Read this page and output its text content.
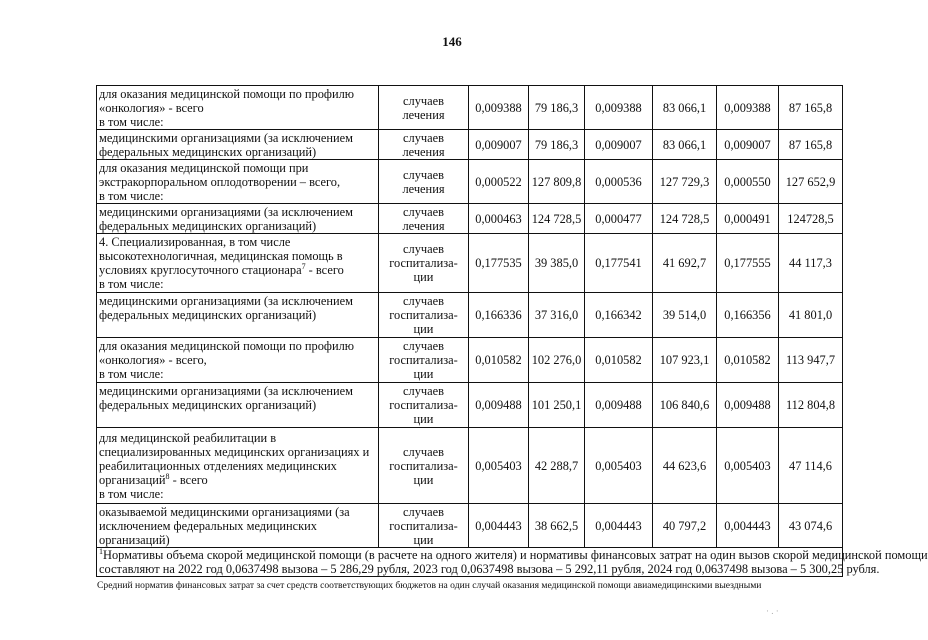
146
для оказания медицинской помощи по профилю
«онкология» - всего
в том числе:	случаев
лечения	0,009388	79 186,3	0,009388	83 066,1	0,009388	87 165,8

медицинскими организациями (за исключением
федеральных медицинских организаций)	случаев
лечения	0,009007	79 186,3	0,009007	83 066,1	0,009007	87 165,8

для оказания медицинской помощи при
экстракорпоральном оплодотворении – всего,
в том числе:	случаев
лечения	0,000522	127 809,8	0,000536	127 729,3	0,000550	127 652,9

медицинскими организациями (за исключением
федеральных медицинских организаций)	случаев
лечения	0,000463	124 728,5	0,000477	124 728,5	0,000491	124728,5

4. Специализированная, в том числе
высокотехнологичная, медицинская помощь в
условиях круглосуточного стационара$^7$ - всего
в том числе:	случаев
госпитализа-
ции	0,177535	39 385,0	0,177541	41 692,7	0,177555	44 117,3

медицинскими организациями (за исключением
федеральных медицинских организаций)	случаев
госпитализа-
ции	0,166336	37 316,0	0,166342	39 514,0	0,166356	41 801,0

для оказания медицинской помощи по профилю
«онкология» - всего,
в том числе:	случаев
госпитализа-
ции	0,010582	102 276,0	0,010582	107 923,1	0,010582	113 947,7

медицинскими организациями (за исключением
федеральных медицинских организаций)	случаев
госпитализа-
ции	0,009488	101 250,1	0,009488	106 840,6	0,009488	112 804,8

для медицинской реабилитации в
специализированных медицинских организациях и
реабилитационных отделениях медицинских
организаций$^8$ - всего
в том числе:	случаев
госпитализа-
ции	0,005403	42 288,7	0,005403	44 623,6	0,005403	47 114,6

оказываемой медицинскими организациями (за
исключением федеральных медицинских
организаций)	случаев
госпитализа-
ции	0,004443	38 662,5	0,004443	40 797,2	0,004443	43 074,6

$^1$Нормативы объема скорой медицинской помощи (в расчете на одного жителя) и нормативы финансовых затрат на один вызов скорой медицинской помощи
составляют на 2022 год 0,0637498 вызова – 5 286,29 рубля, 2023 год 0,0637498 вызова – 5 292,11 рубля, 2024 год 0,0637498 вызова – 5 300,25 рубля.							
Средний норматив финансовых затрат за счет средств соответствующих бюджетов на один случай оказания медицинской помощи авиамедицинскими выездными
· . ·
